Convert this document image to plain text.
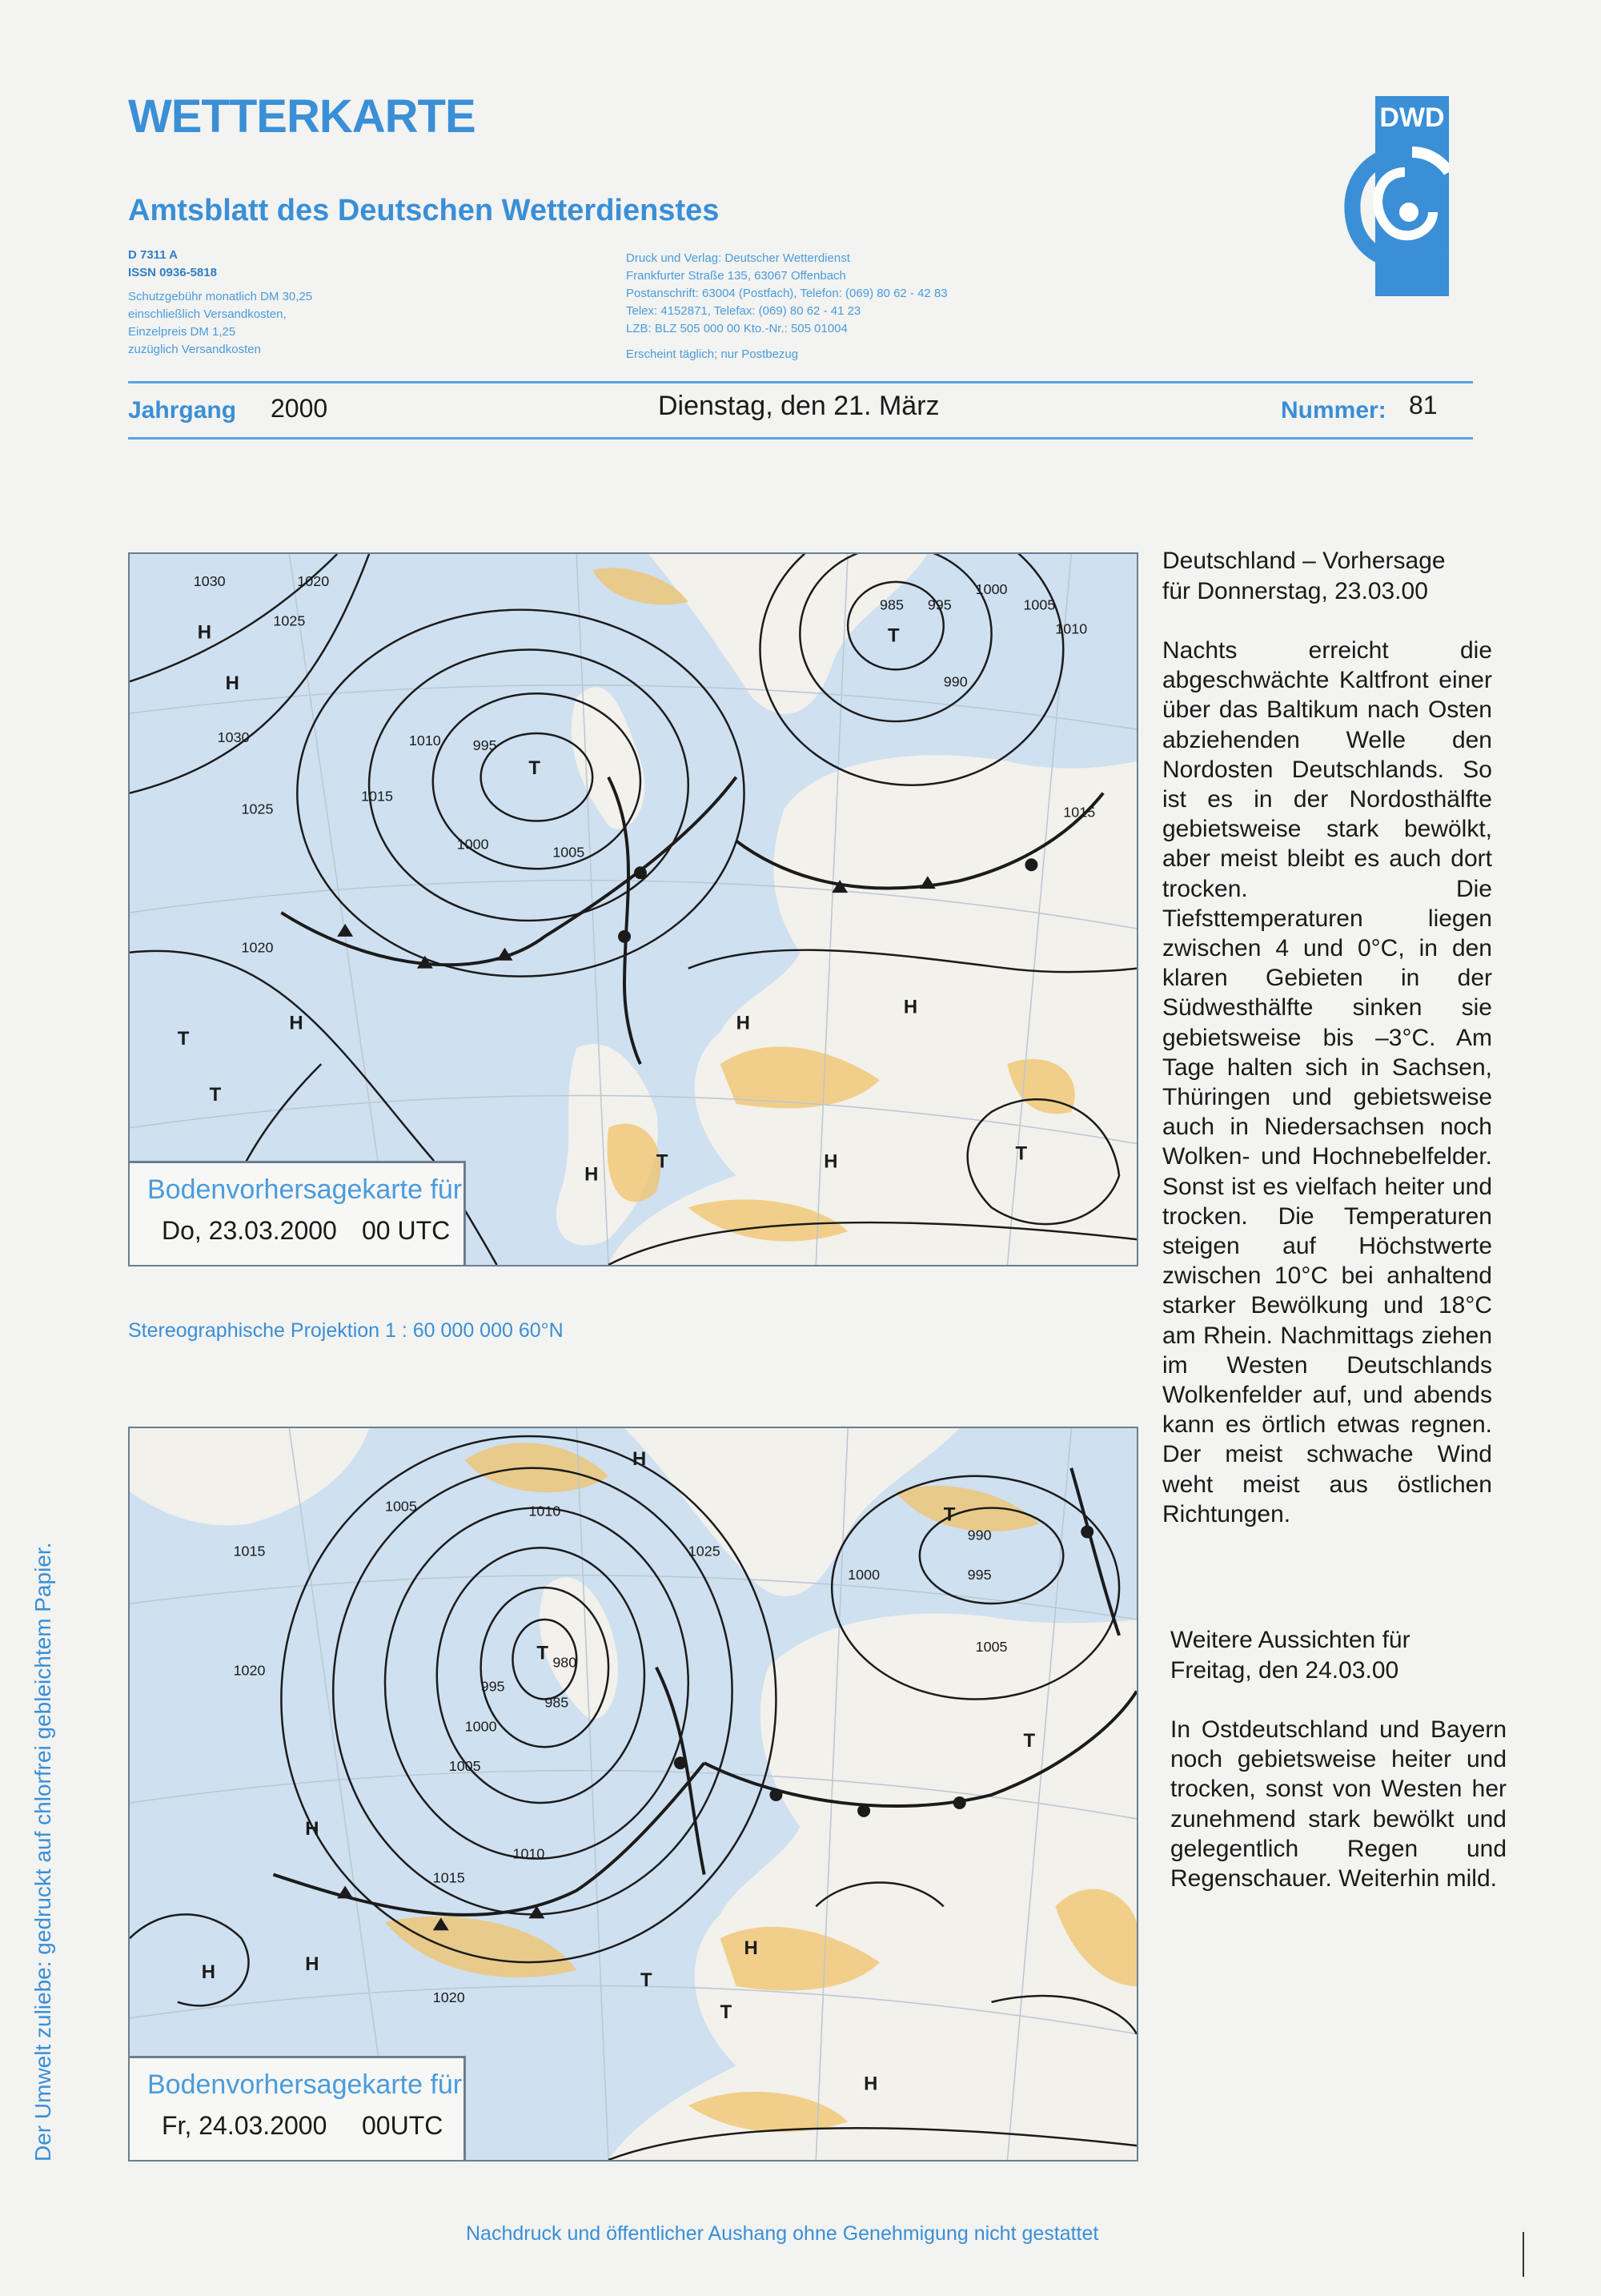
WETTERKARTE
Amtsblatt des Deutschen Wetterdienstes
DWD
D 7311 A
ISSN 0936-5818
Schutzgebühr monatlich DM 30,25
einschließlich Versandkosten,
Einzelpreis DM 1,25
zuzüglich Versandkosten
Druck und Verlag: Deutscher Wetterdienst
Frankfurter Straße 135, 63067 Offenbach
Postanschrift: 63004 (Postfach), Telefon: (069) 80 62 - 42 83
Telex: 4152871, Telefax: (069) 80 62 - 41 23
LZB: BLZ 505 000 00 Kto.-Nr.: 505 01004
Erscheint täglich; nur Postbezug
Jahrgang 2000	Dienstag, den 21. März	Nummer: 81
1030	1020
1025
1030
1025
995
1000	1005
1010
1015
1020
985 995
1000
1005
1010
990
1015
H
H
H	H
H
H
H
T
T
T
T
T	T
Bodenvorhersagekarte für
Do, 23.03.2000 00 UTC
Stereographische Projektion 1 : 60 000 000 60°N
1020
1010
1005
1015
980
985
995
1000
1005
1010
1015
1020
1025
990
995
1000
1005
H
H
H	H
H
H
T
T
T
T
T
Bodenvorhersagekarte für
Fr, 24.03.2000 00UTC
Deutschland – Vorhersage
für Donnerstag, 23.03.00
Nachts erreicht die abgeschwächte Kaltfront einer über das Baltikum nach Osten abziehenden Welle den Nordosten Deutschlands. So ist es in der Nordosthälfte gebietsweise stark bewölkt, aber meist bleibt es auch dort trocken. Die Tiefsttemperaturen liegen zwischen 4 und 0°C, in den klaren Gebieten in der Südwesthälfte sinken sie gebietsweise bis –3°C. Am Tage halten sich in Sachsen, Thüringen und gebietsweise auch in Niedersachsen noch Wolken- und Hochnebelfelder. Sonst ist es vielfach heiter und trocken. Die Temperaturen steigen auf Höchstwerte zwischen 10°C bei anhaltend starker Bewölkung und 18°C am Rhein. Nachmittags ziehen im Westen Deutschlands Wolkenfelder auf, und abends kann es örtlich etwas regnen. Der meist schwache Wind weht meist aus östlichen Richtungen.
Weitere Aussichten für
Freitag, den 24.03.00
In Ostdeutschland und Bayern noch gebietsweise heiter und trocken, sonst von Westen her zunehmend stark bewölkt und gelegentlich Regen und Regenschauer. Weiterhin mild.
Der Umwelt zuliebe: gedruckt auf chlorfrei gebleichtem Papier.
Nachdruck und öffentlicher Aushang ohne Genehmigung nicht gestattet
